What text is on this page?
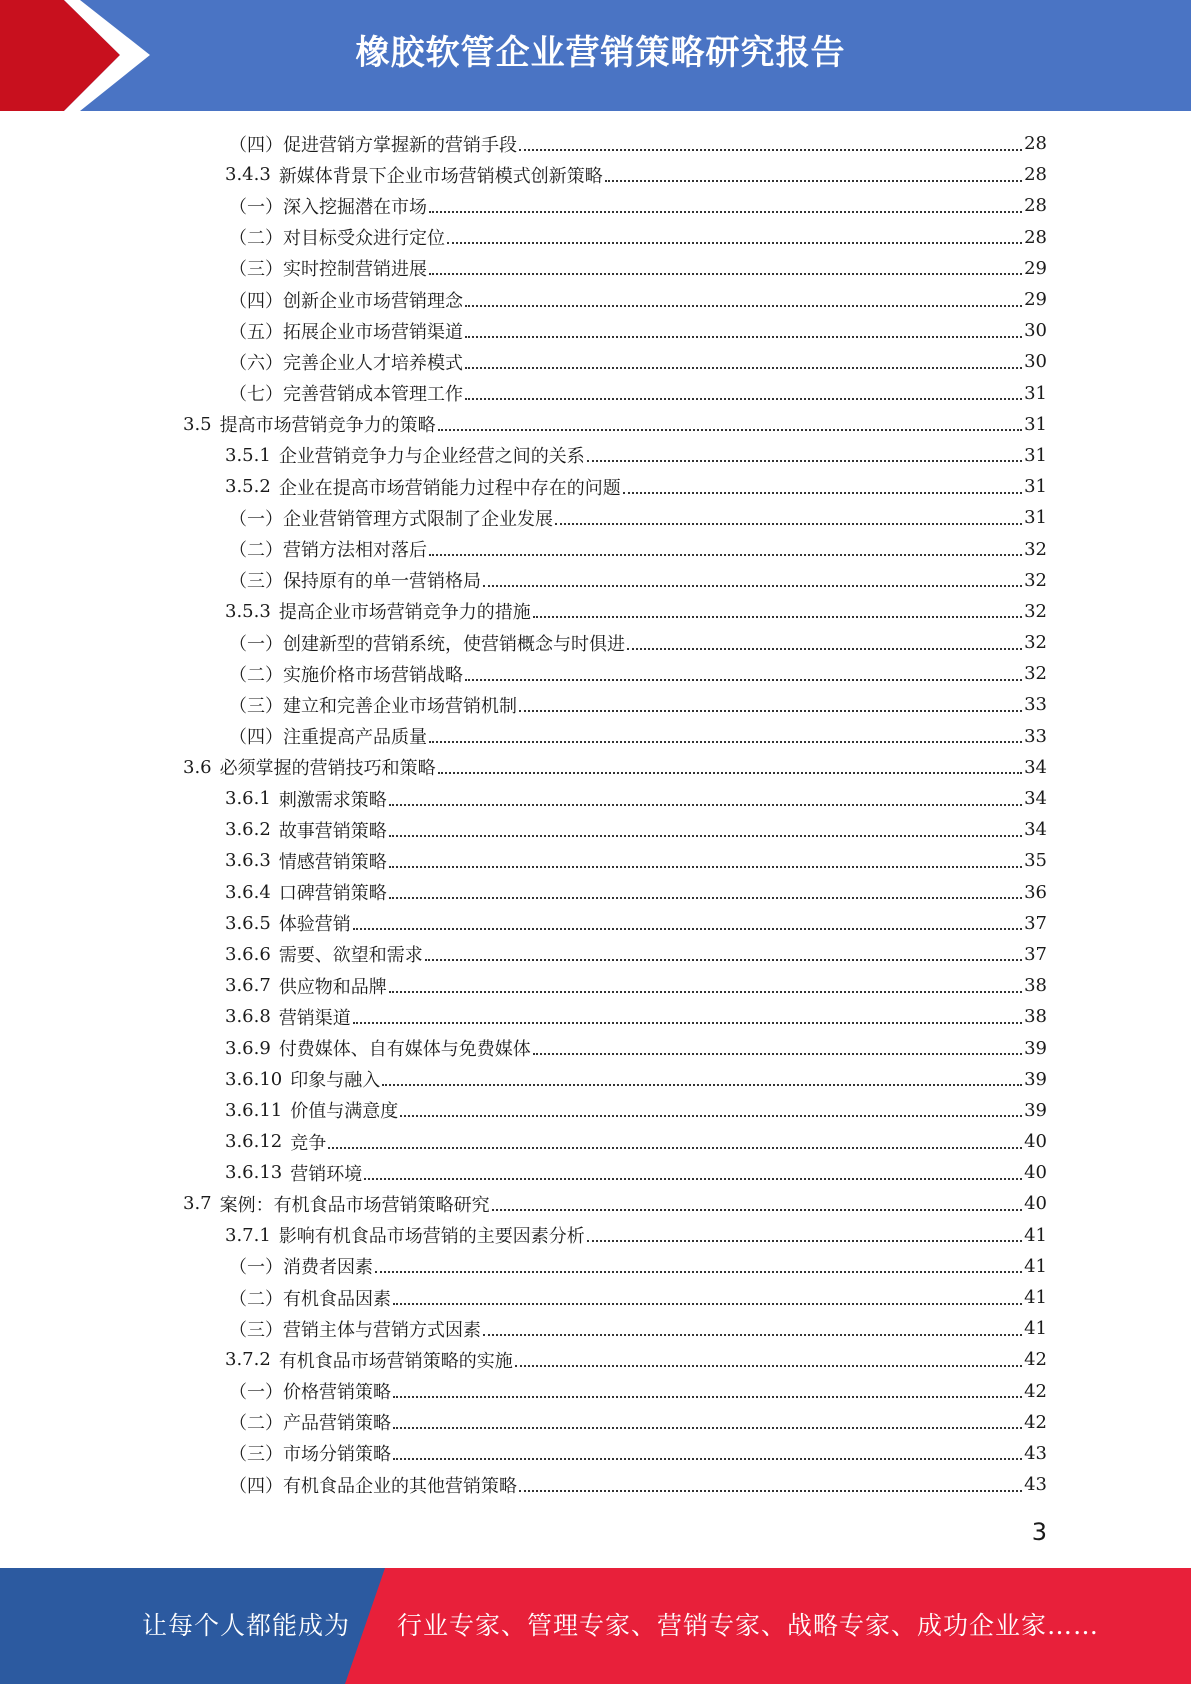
橡胶软管企业营销策略研究报告
（四）促进营销方掌握新的营销手段	28
3.4.3 新媒体背景下企业市场营销模式创新策略	28
（一）深入挖掘潜在市场	28
（二）对目标受众进行定位	28
（三）实时控制营销进展	29
（四）创新企业市场营销理念	29
（五）拓展企业市场营销渠道	30
（六）完善企业人才培养模式	30
（七）完善营销成本管理工作	31
3.5 提高市场营销竞争力的策略	31
3.5.1 企业营销竞争力与企业经营之间的关系	31
3.5.2 企业在提高市场营销能力过程中存在的问题	31
（一）企业营销管理方式限制了企业发展	31
（二）营销方法相对落后	32
（三）保持原有的单一营销格局	32
3.5.3 提高企业市场营销竞争力的措施	32
（一）创建新型的营销系统，使营销概念与时俱进	32
（二）实施价格市场营销战略	32
（三）建立和完善企业市场营销机制	33
（四）注重提高产品质量	33
3.6 必须掌握的营销技巧和策略	34
3.6.1 刺激需求策略	34
3.6.2 故事营销策略	34
3.6.3 情感营销策略	35
3.6.4 口碑营销策略	36
3.6.5 体验营销	37
3.6.6 需要、欲望和需求	37
3.6.7 供应物和品牌	38
3.6.8 营销渠道	38
3.6.9 付费媒体、自有媒体与免费媒体	39
3.6.10 印象与融入	39
3.6.11 价值与满意度	39
3.6.12 竞争	40
3.6.13 营销环境	40
3.7 案例：有机食品市场营销策略研究	40
3.7.1 影响有机食品市场营销的主要因素分析	41
（一）消费者因素	41
（二）有机食品因素	41
（三）营销主体与营销方式因素	41
3.7.2 有机食品市场营销策略的实施	42
（一）价格营销策略	42
（二）产品营销策略	42
（三）市场分销策略	43
（四）有机食品企业的其他营销策略	43
3
让每个人都能成为 行业专家、管理专家、营销专家、战略专家、成功企业家……
